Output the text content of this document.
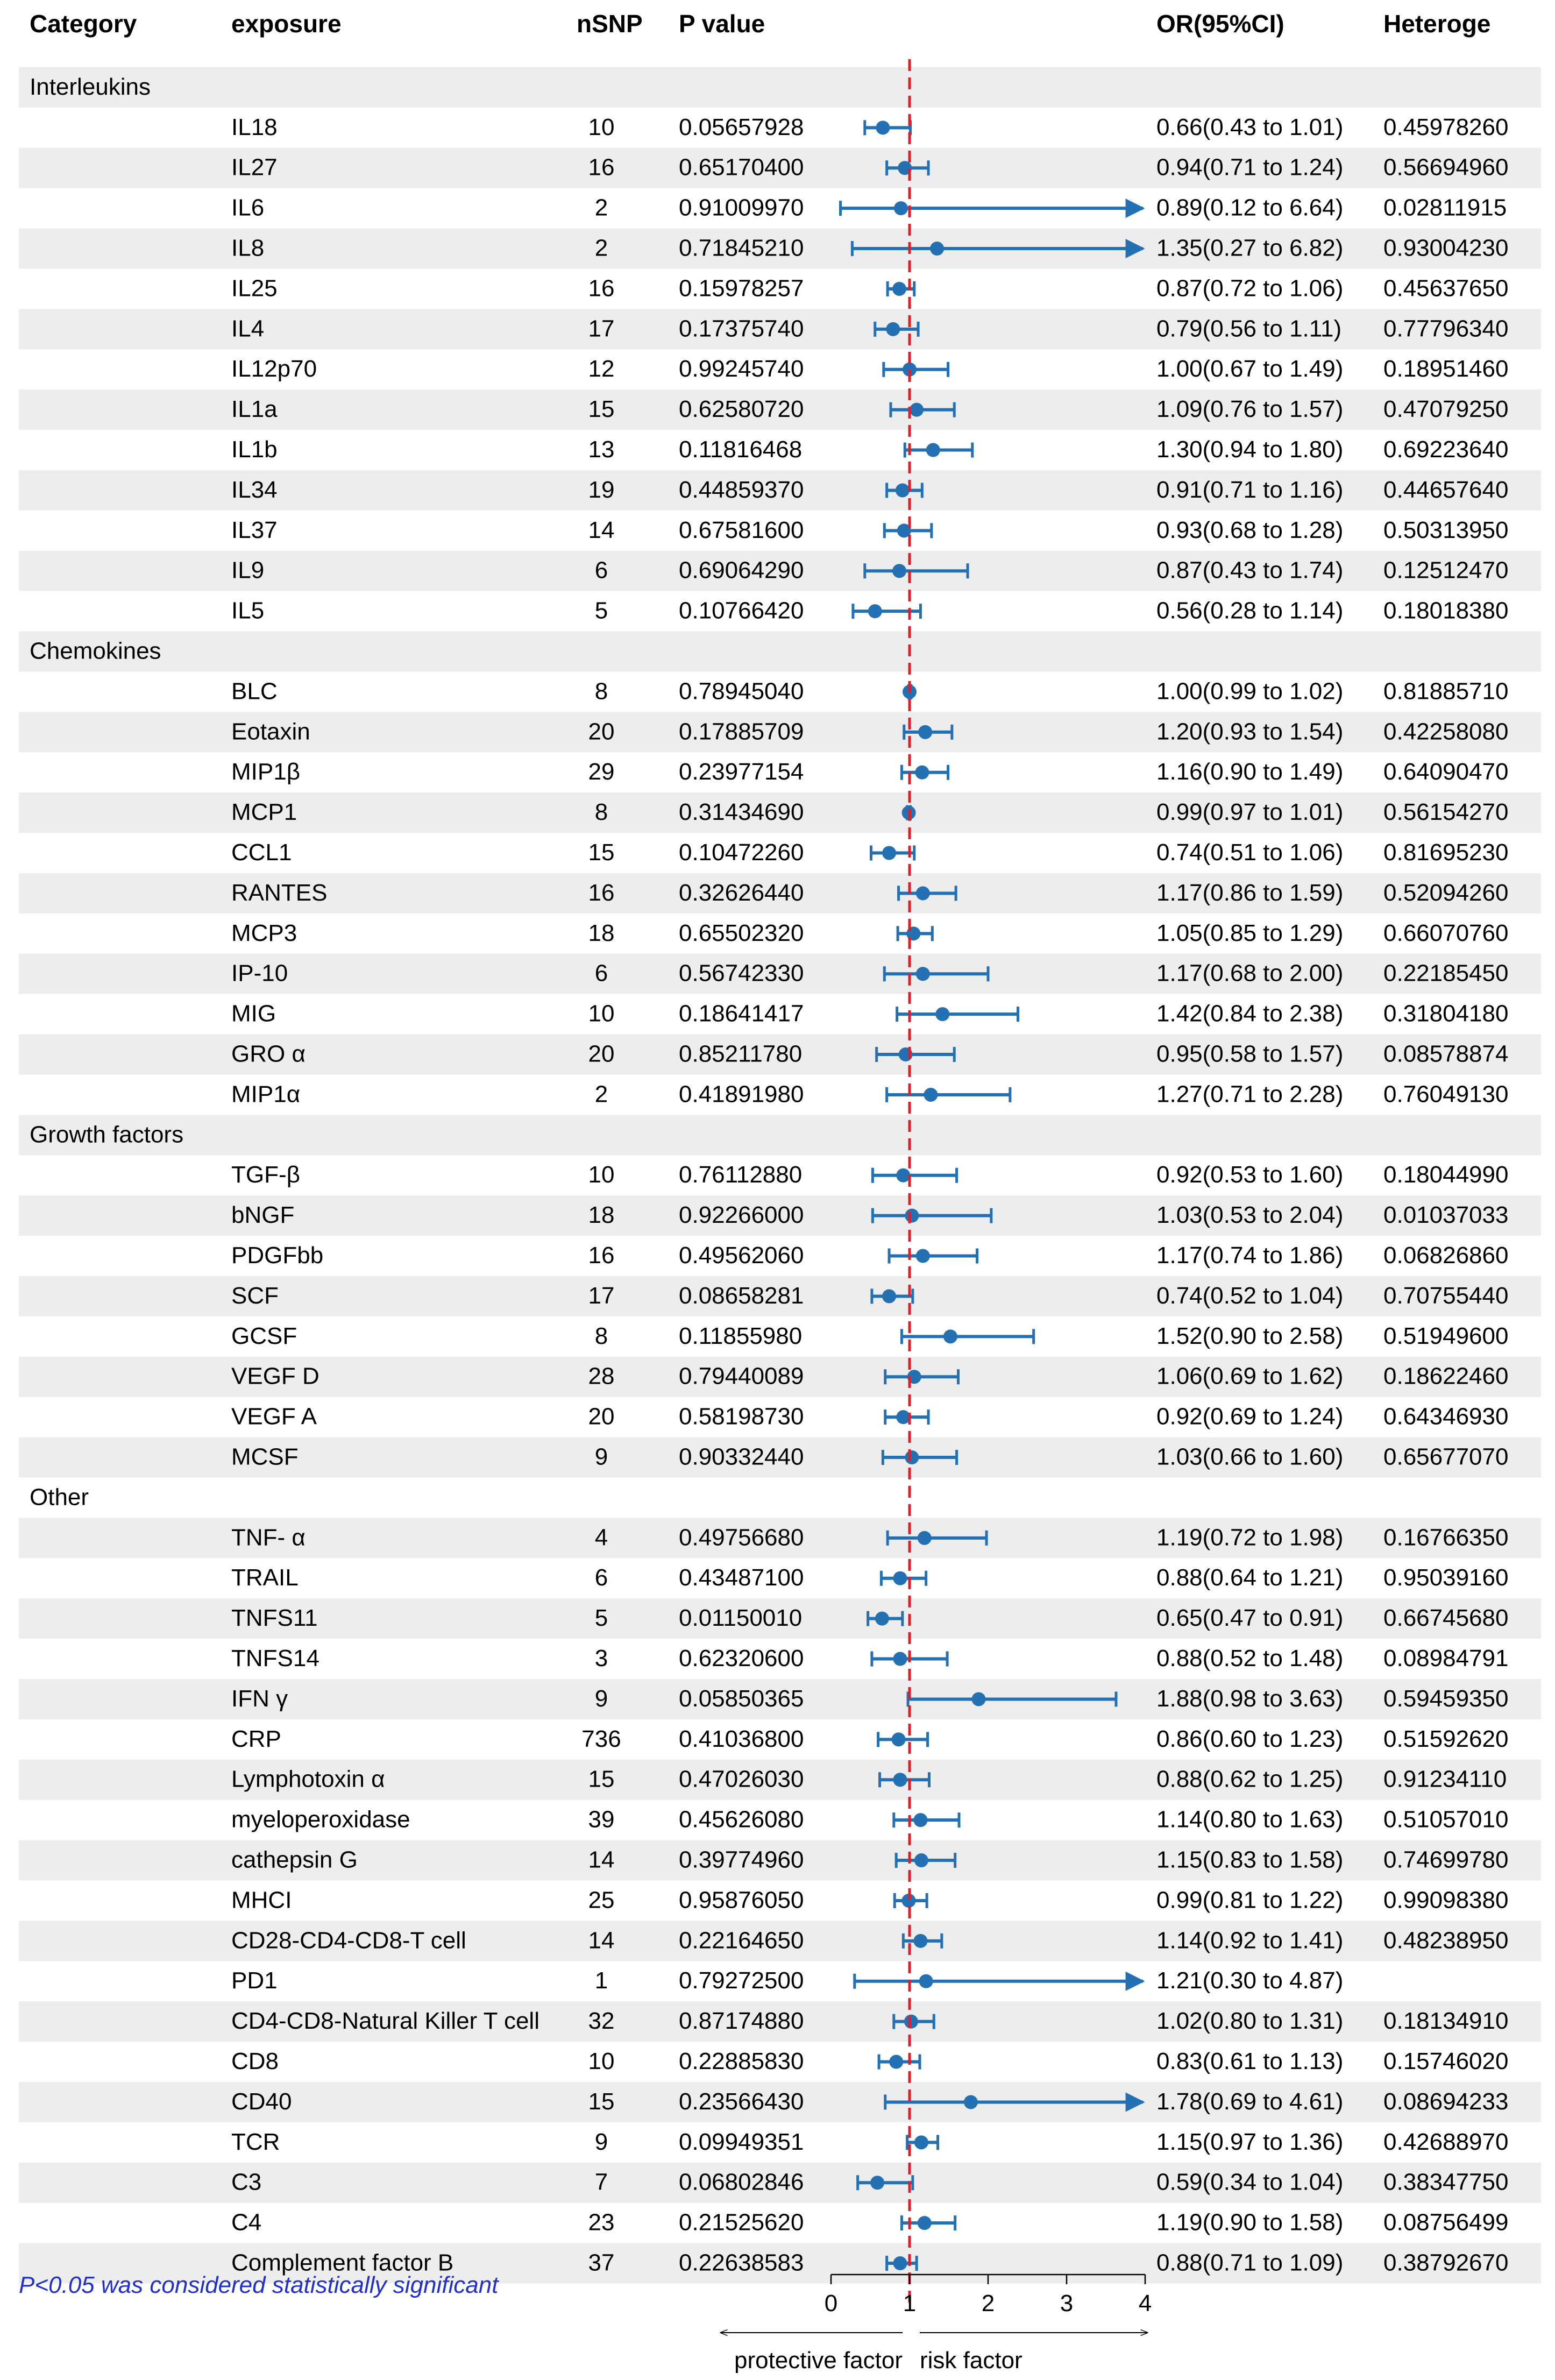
Category	exposure	nSNP P value	OR(95%CI)	Heteroge
Interleukins
IL18	10	0.05657928	0.66(0.43 to 1.01) 0.45978260
IL27	16	0.65170400	0.94(0.71 to 1.24) 0.56694960
IL6	2	0.91009970	0.89(0.12 to 6.64) 0.02811915
IL8	2	0.71845210	1.35(0.27 to 6.82) 0.93004230
IL25	16	0.15978257	0.87(0.72 to 1.06) 0.45637650
IL4	17	0.17375740	0.79(0.56 to 1.11) 0.77796340
IL12p70	12	0.99245740	1.00(0.67 to 1.49) 0.18951460
IL1a	15	0.62580720	1.09(0.76 to 1.57) 0.47079250
IL1b	13	0.11816468	1.30(0.94 to 1.80) 0.69223640
IL34	19	0.44859370	0.91(0.71 to 1.16) 0.44657640
IL37	14	0.67581600	0.93(0.68 to 1.28) 0.50313950
IL9	6	0.69064290	0.87(0.43 to 1.74) 0.12512470
IL5	5	0.10766420	0.56(0.28 to 1.14) 0.18018380
Chemokines
BLC	8	0.78945040	1.00(0.99 to 1.02) 0.81885710
Eotaxin	20	0.17885709	1.20(0.93 to 1.54) 0.42258080
MIP1β	29	0.23977154	1.16(0.90 to 1.49) 0.64090470
MCP1	8	0.31434690	0.99(0.97 to 1.01) 0.56154270
CCL1	15	0.10472260	0.74(0.51 to 1.06) 0.81695230
RANTES	16	0.32626440	1.17(0.86 to 1.59) 0.52094260
MCP3	18	0.65502320	1.05(0.85 to 1.29) 0.66070760
IP-10	6	0.56742330	1.17(0.68 to 2.00) 0.22185450
MIG	10	0.18641417	1.42(0.84 to 2.38) 0.31804180
GRO α	20	0.85211780	0.95(0.58 to 1.57) 0.08578874
MIP1α	2	0.41891980	1.27(0.71 to 2.28) 0.76049130
Growth factors
TGF-β	10	0.76112880	0.92(0.53 to 1.60) 0.18044990
bNGF	18	0.92266000	1.03(0.53 to 2.04) 0.01037033
PDGFbb	16	0.49562060	1.17(0.74 to 1.86) 0.06826860
SCF	17	0.08658281	0.74(0.52 to 1.04) 0.70755440
GCSF	8	0.11855980	1.52(0.90 to 2.58) 0.51949600
VEGF D	28	0.79440089	1.06(0.69 to 1.62) 0.18622460
VEGF A	20	0.58198730	0.92(0.69 to 1.24) 0.64346930
MCSF	9	0.90332440	1.03(0.66 to 1.60) 0.65677070
Other
TNF- α	4	0.49756680	1.19(0.72 to 1.98) 0.16766350
TRAIL	6	0.43487100	0.88(0.64 to 1.21) 0.95039160
TNFS11	5	0.01150010	0.65(0.47 to 0.91) 0.66745680
TNFS14	3	0.62320600	0.88(0.52 to 1.48) 0.08984791
IFN γ	9	0.05850365	1.88(0.98 to 3.63) 0.59459350
CRP	736 0.41036800	0.86(0.60 to 1.23) 0.51592620
Lymphotoxin α	15	0.47026030	0.88(0.62 to 1.25) 0.91234110
myeloperoxidase	39	0.45626080	1.14(0.80 to 1.63) 0.51057010
cathepsin G	14	0.39774960	1.15(0.83 to 1.58) 0.74699780
MHCI	25	0.95876050	0.99(0.81 to 1.22) 0.99098380
CD28-CD4-CD8-T cell	14	0.22164650	1.14(0.92 to 1.41) 0.48238950
PD1	1	0.79272500	1.21(0.30 to 4.87)
CD4-CD8-Natural Killer T cell 32	0.87174880	1.02(0.80 to 1.31) 0.18134910
CD8	10	0.22885830	0.83(0.61 to 1.13) 0.15746020
CD40	15	0.23566430	1.78(0.69 to 4.61) 0.08694233
TCR	9	0.09949351	1.15(0.97 to 1.36) 0.42688970
C3	7	0.06802846	0.59(0.34 to 1.04) 0.38347750
C4	23	0.21525620	1.19(0.90 to 1.58) 0.08756499
Complement factor B	37	0.22638583	0.88(0.71 to 1.09) 0.38792670
0	1	2	3	4
P<0.05 was considered statistically significant
protective factor risk factor
